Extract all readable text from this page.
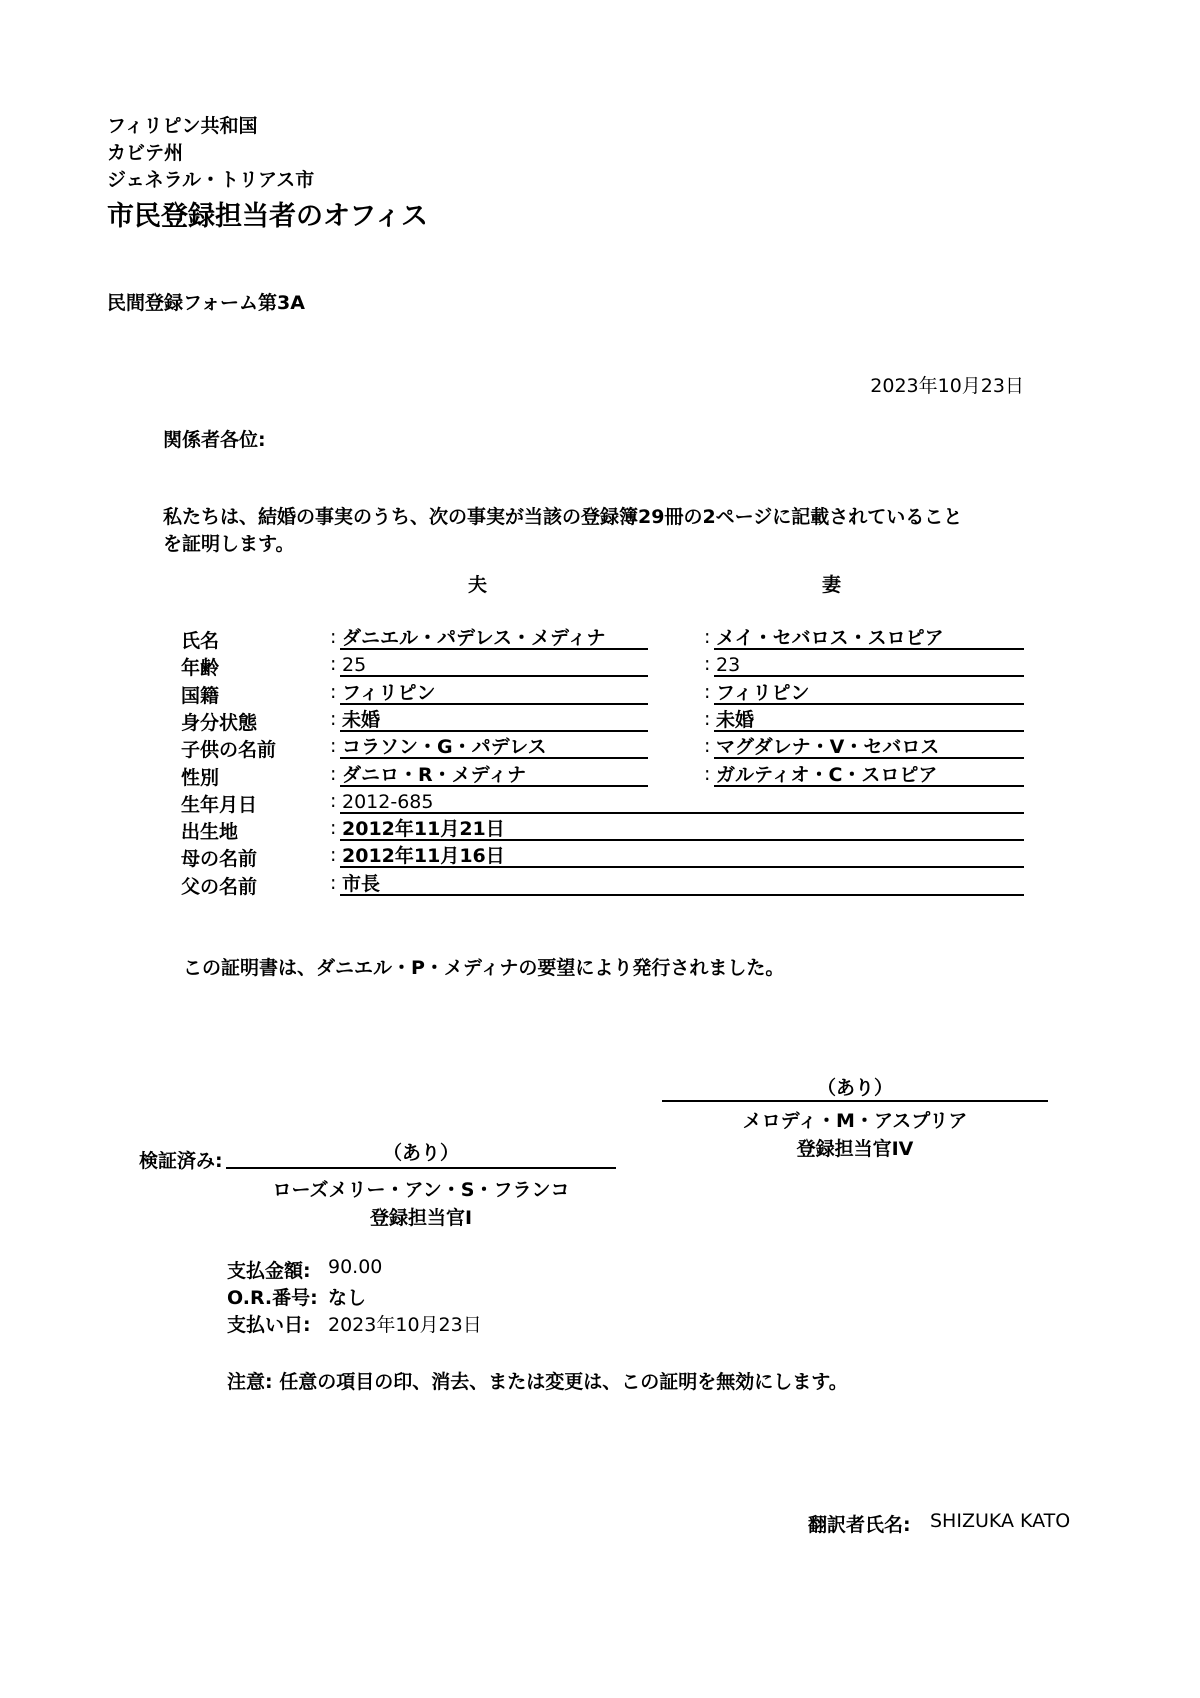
フィリピン共和国
カビテ州
ジェネラル・トリアス市
市民登録担当者のオフィス
民間登録フォーム第3A
2023年10月23日
関係者各位:
私たちは、結婚の事実のうち、次の事実が当該の登録簿29冊の2ページに記載されていること
を証明します。
夫	妻
氏名	: ダニエル・パデレス・メディナ	: メイ・セバロス・スロピア
年齢	: 25	: 23
国籍	: フィリピン	: フィリピン
身分状態	: 未婚	: 未婚
子供の名前	: コラソン・G・パデレス	: マグダレナ・V・セバロス
性別	: ダニロ・R・メディナ	: ガルティオ・C・スロピア
生年月日	: 2012-685
出生地	: 2012年11月21日
母の名前	: 2012年11月16日
父の名前	: 市長
この証明書は、ダニエル・P・メディナの要望により発行されました。
（あり）
メロディ・M・アスプリア
登録担当官IV
検証済み:	（あり）
ローズメリー・アン・S・フランコ
登録担当官I
支払金額: 90.00
O.R.番号: なし
支払い日: 2023年10月23日
注意: 任意の項目の印、消去、または変更は、この証明を無効にします。
翻訳者氏名: SHIZUKA KATO
